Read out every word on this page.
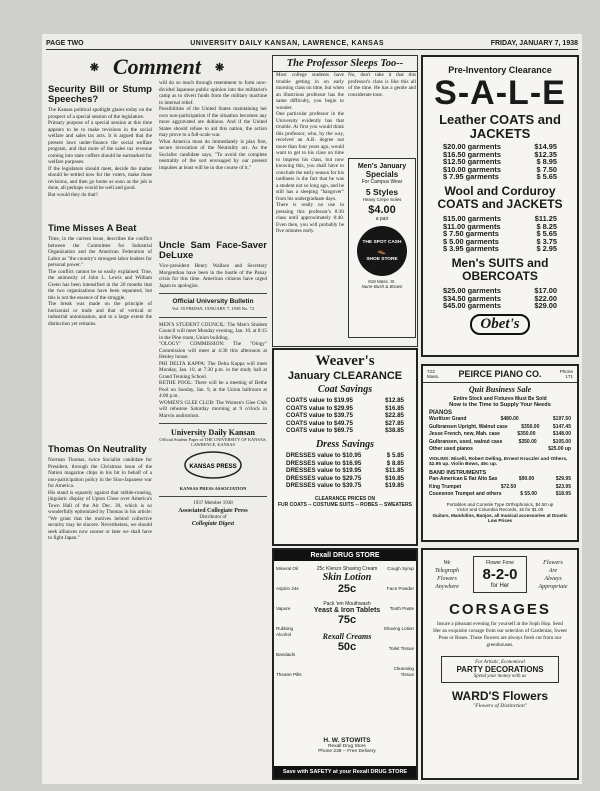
PAGE TWO	UNIVERSITY DAILY KANSAN, LAWRENCE, KANSAS	FRIDAY, JANUARY 7, 1938
❋ Comment ❋
Security Bill or Stump Speeches?

The Kansas political spotlight glares today on the prospect of a special session of the legislature.

Primary purpose of a special session at this time appears to be to make revisions in the social welfare and sales tax acts. It is argued that the present laws under-finance the social welfare program, and that more of the sales tax revenue coming into state coffers should be earmarked for welfare purposes.

If the legislators should meet, decide the matter should be settled now for the voters, make those revisions, and then go home as soon as the job is done, all perhaps would be well and good.

But would they do that?

Time Misses A Beat

Time, in the current issue, describes the conflict between the Committee for Industrial Organization and the American Federation of Labor as "the country's strongest labor leaders for personal power."

The conflict cannot be so easily explained. True, the animosity of John L. Lewis and William Green has been intensified in the 20 months that the two organizations have been separated, but this is not the essence of the struggle.

The break was made on the principle of horizontal or trade and that of vertical or industrial unionization, and to a large extent the distinction yet remains.

Thomas On Neutrality

Norman Thomas, twice Socialist candidate for President, through the Christmas issue of the Nation magazine chips in his bit in behalf of a non-participation policy in the Sino-Japanese war for America.

His stand is squarely against that rabble-rousing, jingoistic display of Upton Close over America's Town Hall of the Air Dec. 30, which is so wonderfully epitomized by Thomas in his article: "We grant that the motives behind collective security may be sincere. Nevertheless, we should seek alliances now sooner or later we shall have to fight Japan."

will do so much through resentment to form now-divided Japanese public opinion into the militarist's camp as to divert funds from the military machine to internal relief.

Possibilities of the United States maintaining her own non-participation if the situation becomes any more aggravated are dubious. And if the United States should refuse to aid this nation, the action may prove to a full-scale war.

What America must do immediately is plan first, secure invocation of the Neutrality act. As the Socialist candidate says, "To avoid the complete neutrality of the sort envisaged by our present impulses at least will be in due course of it."

Uncle Sam Face-Saver DeLuxe

Vice-president Henry Wallace and Secretary Morgenthau have been in the bustle of the Panay crisis for this time. American citizens have urged Japan to apologize.

Official University Bulletin
Vol. 35 FRIDAY, JANUARY 7, 1938 No. 72

MEN'S STUDENT COUNCIL: The Men's Student Council will meet Monday evening, Jan. 10, at 8:15 in the Pine room, Union building.

"OLOGY" COMMISSION: The "Ology" Commission will meet at 4:30 this afternoon at Henley house.

PHI DELTA KAPPA: The Delta Kappa will meet Monday, Jan. 10, at 7:30 p.m. in the study hall at Grand Tenning School.

BETHE POOL: There will be a meeting of Bethe Pool on Sunday, Jan. 9, at the Union ballroom at 4:00 p.m.

WOMEN'S GLEE CLUB: The Women's Glee Club will rehearse Saturday morning at 9 o'clock in Marvin auditorium.

University Daily Kansan
Official Student Paper of THE UNIVERSITY OF KANSAS, LAWRENCE, KANSAS
KANSAS PRESS
KANSAS PRESS ASSOCIATION
1937 Member 1938
Associated Collegiate Press
Distributor of
Collegiate Digest
The Professor Sleeps Too--

Most college students have trouble getting in on early morning class on time, but when an illustrious professor has the same difficulty, you begin to wonder.

One particular professor in the University evidently has that trouble. At first you would think this professor, who, by the way, received an A.B. degree not more than four years ago, would want to get to his class on time to impress his class, but now knowing this, you shall have to conclude the early season for his tardiness is the fact that he was a student not so long ago, and he still has a sleeping "hangover" from his undergraduate days.

There is really no use in pressing this professor's 8:30 class until approximately 8:40. Even then, you will probably be five minutes early.

No, don't take it that this professor's class is like this all of the time. He has a gentle and considerate tone.

Men's January
Specials
For Campus Wear
5 Styles
Heavy Crepe Soles
$4.00
a pair
THE SPOT CASH
👞
SHOE STORE
819 Mass. St.
Nunn-Bush & Brown
Weaver's
January CLEARANCE
Coat Savings
COATS value to $19.95	$12.85
COATS value to $29.95	$16.85
COATS value to $39.75	$22.85
COATS value to $49.75	$27.85
COATS value to $69.75	$38.85
Dress Savings
DRESSES value to $10.95	$ 5.85
DRESSES value to $16.95	$ 8.85
DRESSES value to $19.95	$11.85
DRESSES value to $29.75	$16.85
DRESSES value to $39.75	$19.85
CLEARANCE PRICES ON
FUR COATS -- COSTUME SUITS -- ROBES -- SWEATERS
Rexall DRUG STORE
Mineral Oil
Aspirin 24s
Vapure
Rubbing Alcohol
Bandaids
Theatre Pills
Cough Syrup
Face Powder
Tooth Paste
Shaving Lotion
Toilet Tissue
Cleansing Tissue
25c Klenzo Shaving Cream
Skin Lotion
25c
Pack 'em Mouthwash
Yeast & Iron Tablets
75c
Rexall Creams
50c
H. W. STOWITS
Rexall Drug Store
Phone 238 -- Free Delivery
Save with SAFETY at your Rexall DRUG STORE
Pre-Inventory Clearance
S-A-L-E
Leather COATS and JACKETS
$20.00 garments	$14.95
$16.50 garments	$12.35
$12.50 garments	$ 8.95
$10.00 garments	$ 7.50
$ 7.95 garments	$ 5.65
Wool and Corduroy COATS and JACKETS
$15.00 garments	$11.25
$11.00 garments	$ 8.25
$ 7.50 garments	$ 5.65
$ 5.00 garments	$ 3.75
$ 3.95 garments	$ 2.95
Men's SUITS and OBERCOATS
$25.00 garments	$17.00
$34.50 garments	$22.00
$45.00 garments	$29.00
Obet's
723 Mass.	PEIRCE PIANO CO.	Phone 171
Quit Business Sale
Entire Stock and Fixtures Must Be Sold
Now is the Time to Supply Your Needs
PIANOS
Wurlitzer Grand	$480.00	$197.50
Gulbransen Upright, Walnut case	$350.00	$147.45
Jesse French, new, Mah. case	$350.00	$148.00
Gulbransen, used, walnut case	$350.00	$105.00
Other used pianos	$25.00 up
VIOLINS: Micelli, Robert Delling, Ernest Kruczler and Others, $2.95 up. Violin Bows, 45c up.
BAND INSTRUMENTS
Pan-American E flat Alto Sax	$90.00	$29.95
King Trumpet	$72.50	$23.95
Couesnon Trumpet and others	$ 55.00	$18.95
Portables and Console Type Orthophonics, $4.50 up
Victor and Columbia Records, 15 for $1.00
Guitars, Mandolins, Banjos, all musical accessories at Drastic Low Prices
We
Telegraph
Flowers
Anywhere
Flower Fone
8-2-0
for Her
Flowers
Are
Always
Appropriate
CORSAGES
Insure a pleasant evening for yourself at the Soph Hop. Send Her an exquisite corsage from our selection of Gardenias, Sweet Peas or Roses. These flowers are always fresh cut from our greenhouses.
For Artistic, Economical
PARTY DECORATIONS
Spend your money with us
WARD'S Flowers
"Flowers of Distinction"
